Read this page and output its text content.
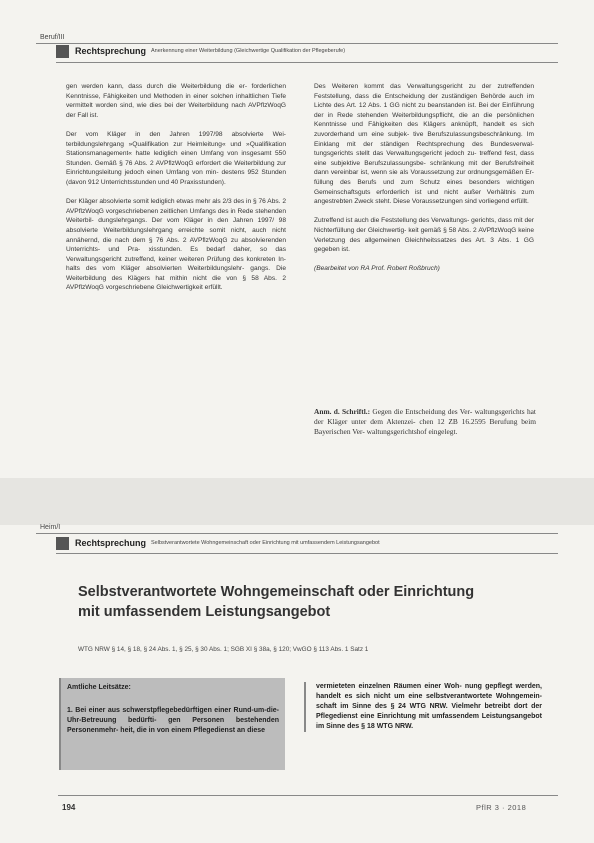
Beruf/III
Rechtsprechung Anerkennung einer Weiterbildung (Gleichwertige Qualifikation der Pflegeberufe)

gen werden kann, dass durch die Weiterbildung die er- forderlichen Kenntnisse, Fähigkeiten und Methoden in einer solchen inhaltlichen Tiefe vermittelt worden sind, wie dies bei der Weiterbildung nach AVPflzWoqG der Fall ist.

Der vom Kläger in den Jahren 1997/98 absolvierte Wei- terbildungslehrgang »Qualifikation zur Heimleitung« und »Qualifikation Stationsmanagement« hatte lediglich einen Umfang von insgesamt 550 Stunden. Gemäß § 76 Abs. 2 AVPflzWoqG erfordert die Weiterbildung zur Einrichtungsleitung jedoch einen Umfang von min- destens 952 Stunden (davon 912 Unterrichtsstunden und 40 Praxisstunden).

Der Kläger absolvierte somit lediglich etwas mehr als 2/3 des in § 76 Abs. 2 AVPflzWoqG vorgeschriebenen zeitlichen Umfangs des in Rede stehenden Weiterbil- dungslehrgangs. Der vom Kläger in den Jahren 1997/ 98 absolvierte Weiterbildungslehrgang erreichte somit nicht, auch nicht annähernd, die nach dem § 76 Abs. 2 AVPflzWoqG zu absolvierenden Unterrichts- und Pra- xisstunden. Es bedarf daher, so das Verwaltungsgericht zutreffend, keiner weiteren Prüfung des konkreten In- halts des vom Kläger absolvierten Weiterbildungslehr- gangs. Die Weiterbildung des Klägers hat mithin nicht die von § 58 Abs. 2 AVPflzWoqG vorgeschriebene Gleichwertigkeit erfüllt.

Des Weiteren kommt das Verwaltungsgericht zu der zutreffenden Feststellung, dass die Entscheidung der zuständigen Behörde auch im Lichte des Art. 12 Abs. 1 GG nicht zu beanstanden ist. Bei der Einführung der in Rede stehenden Weiterbildungspflicht, die an die persönlichen Kenntnisse und Fähigkeiten des Klägers anknüpft, handelt es sich zuvorderhand um eine subjek- tive Berufszulassungsbeschränkung. Im Einklang mit der ständigen Rechtsprechung des Bundesverwal- tungsgerichts stellt das Verwaltungsgericht jedoch zu- treffend fest, dass eine subjektive Berufszulassungsbe- schränkung mit der Berufsfreiheit dann vereinbar ist, wenn sie als Voraussetzung zur ordnungsgemäßen Er- füllung des Berufs und zum Schutz eines besonders wichtigen Gemeinschaftsguts erforderlich ist und nicht außer Verhältnis zum angestrebten Zweck steht. Diese Voraussetzungen sind vorliegend erfüllt.

Zutreffend ist auch die Feststellung des Verwaltungs- gerichts, dass mit der Nichterfüllung der Gleichwertig- keit gemäß § 58 Abs. 2 AVPflzWoqG keine Verletzung des allgemeinen Gleichheitssatzes des Art. 3 Abs. 1 GG gegeben ist.

(Bearbeitet von RA Prof. Robert Roßbruch)

Anm. d. Schriftl.: Gegen die Entscheidung des Ver- waltungsgerichts hat der Kläger unter dem Aktenzei- chen 12 ZB 16.2595 Berufung beim Bayerischen Ver- waltungsgerichtshof eingelegt.
Heim/I
Rechtsprechung Selbstverantwortete Wohngemeinschaft oder Einrichtung mit umfassendem Leistungsangebot
Selbstverantwortete Wohngemeinschaft oder Einrichtung
mit umfassendem Leistungsangebot
WTG NRW § 14, § 18, § 24 Abs. 1, § 25, § 30 Abs. 1; SGB XI § 38a, § 120; VwGO § 113 Abs. 1 Satz 1
Amtliche Leitsätze:
1. Bei einer aus schwerstpflegebedürftigen einer Rund-um-die-Uhr-Betreuung bedürfti- gen Personen bestehenden Personenmehr- heit, die in von einem Pflegedienst an diese
vermieteten einzelnen Räumen einer Woh- nung gepflegt werden, handelt es sich nicht um eine selbstverantwortete Wohngemein- schaft im Sinne des § 24 WTG NRW. Vielmehr betreibt dort der Pflegedienst eine Einrichtung mit umfassendem Leistungsangebot im Sinne des § 18 WTG NRW.
194	PflR 3 · 2018
